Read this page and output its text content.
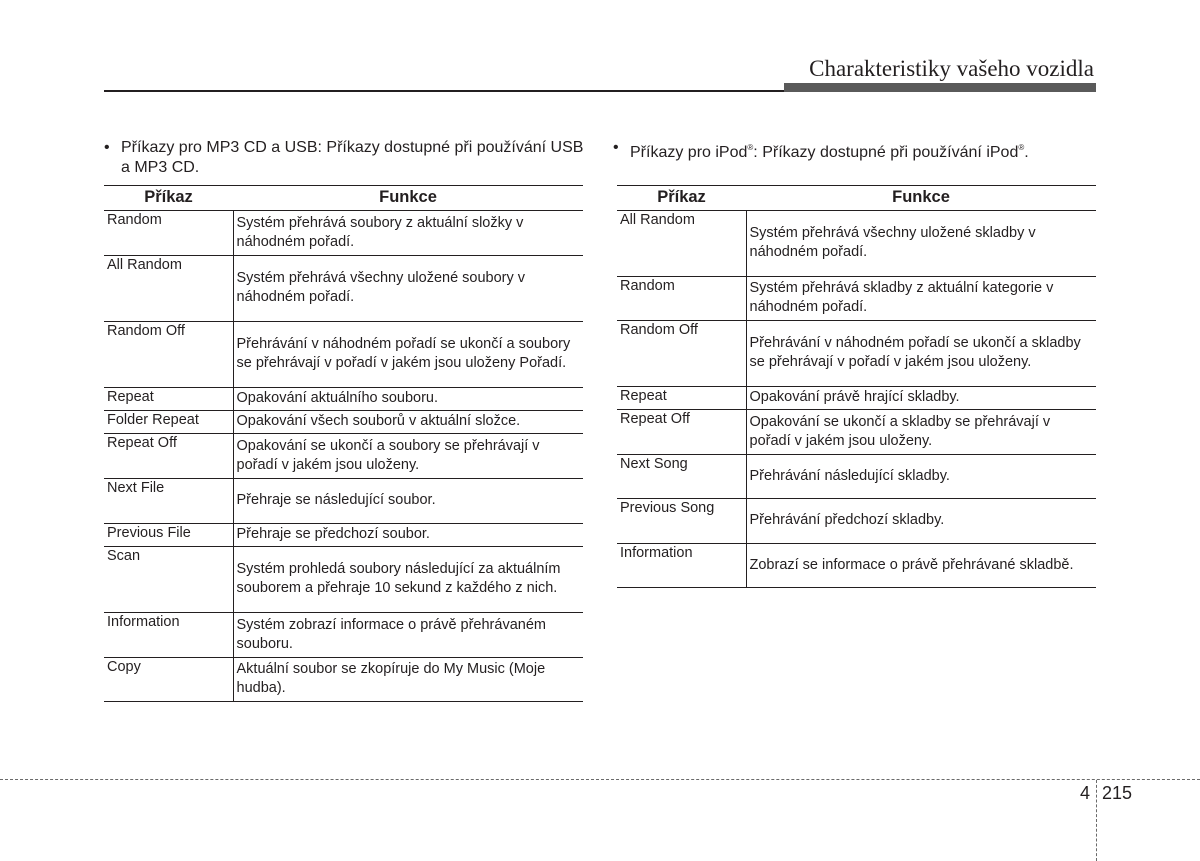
Charakteristiky vašeho vozidla
• Příkazy pro MP3 CD a USB: Příkazy dostupné při používání USB a MP3 CD.
Příkaz	Funkce
Random	Systém přehrává soubory z aktuální složky v náhodném pořadí.
All Random	Systém přehrává všechny uložené soubory v náhodném pořadí.
Random Off	Přehrávání v náhodném pořadí se ukončí a soubory se přehrávají v pořadí v jakém jsou uloženy Pořadí.
Repeat	Opakování aktuálního souboru.
Folder Repeat	Opakování všech souborů v aktuální složce.
Repeat Off	Opakování se ukončí a soubory se přehrávají v pořadí v jakém jsou uloženy.
Next File	Přehraje se následující soubor.
Previous File	Přehraje se předchozí soubor.
Scan	Systém prohledá soubory následující za aktuálním souborem a přehraje 10 sekund z každého z nich.
Information	Systém zobrazí informace o právě přehrávaném souboru.
Copy	Aktuální soubor se zkopíruje do My Music (Moje hudba).
• Příkazy pro iPod®: Příkazy dostupné při používání iPod®.
Příkaz	Funkce
All Random	Systém přehrává všechny uložené skladby v náhodném pořadí.
Random	Systém přehrává skladby z aktuální kategorie v náhodném pořadí.
Random Off	Přehrávání v náhodném pořadí se ukončí a skladby se přehrávají v pořadí v jakém jsou uloženy.
Repeat	Opakování právě hrající skladby.
Repeat Off	Opakování se ukončí a skladby se přehrávají v pořadí v jakém jsou uloženy.
Next Song	Přehrávání následující skladby.
Previous Song	Přehrávání předchozí skladby.
Information	Zobrazí se informace o právě přehrávané skladbě.
4 215
